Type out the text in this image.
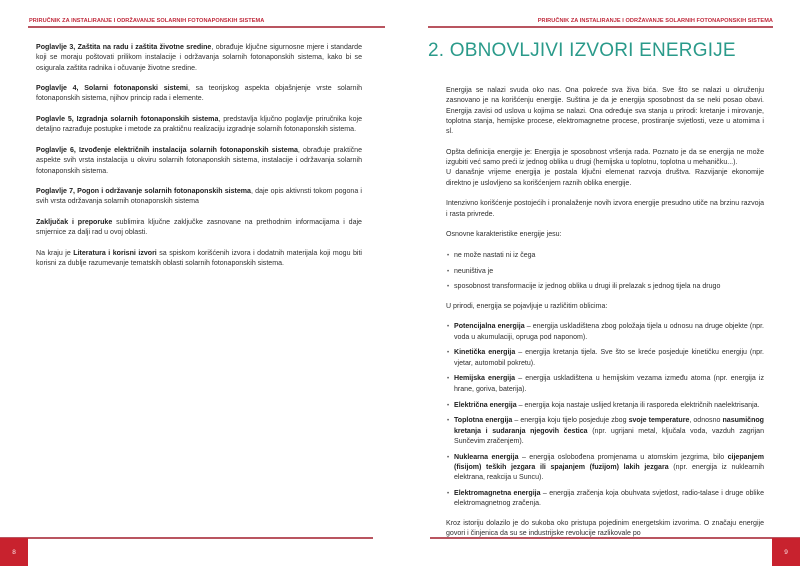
PRIRUČNIK ZA INSTALIRANJE I ODRŽAVANJE SOLARNIH FOTONAPONSKIH SISTEMA

Poglavlje 3, Zaštita na radu i zaštita životne sredine, obrađuje ključne sigurnosne mjere i standarde koji se moraju poštovati prilikom instalacije i održavanja solarnih fotonaponskih sistema, kako bi se osigurala zaštita radnika i očuvanje životne sredine.

Poglavlje 4, Solarni fotonaponski sistemi, sa teorijskog aspekta objašnjenje vrste solarnih fotonaponskih sistema, njihov princip rada i elemente.

Poglavle 5, Izgradnja solarnih fotonaponskih sistema, predstavlja ključno poglavlje priručnika koje detaljno razrađuje postupke i metode za praktičnu realizaciju izgradnje solarnih fotonaponskih sistema.

Poglavlje 6, Izvođenje električnih instalacija solarnih fotonaponskih sistema, obrađuje praktične aspekte svih vrsta instalacija u okviru solarnih fotonaponskih sistema, instalacije i održavanja solarnih fotonaponskih sistema.

Poglavlje 7, Pogon i održavanje solarnih fotonaponskih sistema, daje opis aktivnsti tokom pogona i svih vrsta održavanja solarnih otonaponskih sistema

Zaključak i preporuke sublimira ključne zaključke zasnovane na prethodnim informacijama i daje smjernice za dalji rad u ovoj oblasti.

Na kraju je Literatura i korisni izvori sa spiskom korišćenih izvora i dodatnih materijala koji mogu biti korisni za dublje razumevanje tematskih oblasti solarnih fotonaponskih sistema.

8
PRIRUČNIK ZA INSTALIRANJE I ODRŽAVANJE SOLARNIH FOTONAPONSKIH SISTEMA
2. OBNOVLJIVI IZVORI ENERGIJE

Energija se nalazi svuda oko nas. Ona pokreće sva živa bića. Sve što se nalazi u okruženju zasnovano je na korišćenju energije. Suština je da je energija sposobnost da se neki posao obavi. Energija zavisi od uslova u kojima se nalazi. Ona određuje sva stanja u prirodi: kretanje i mirovanje, toplotna stanja, hemijske procese, elektromagnetne procese, prostiranje svjetlosti, veze u atomima i sl.

Opšta definicija energije je: Energija je sposobnost vršenja rada. Poznato je da se energija ne može izgubiti već samo preći iz jednog oblika u drugi (hemijska u toplotnu, toplotna u mehaničku...).

U današnje vrijeme energija je postala ključni elemenat razvoja društva. Razvijanje ekonomije direktno je uslovljeno sa korišćenjem raznih oblika energije.

Intenzivno korišćenje postojećih i pronalaženje novih izvora energije presudno utiče na brzinu razvoja i rasta privrede.

Osnovne karakteristike energije jesu:

• ne može nastati ni iz čega
• neuništiva je
• sposobnost transformacije iz jednog oblika u drugi ili prelazak s jednog tijela na drugo

U prirodi, energija se pojavljuje u različitim oblicima:

• Potencijalna energija – energija uskladištena zbog položaja tijela u odnosu na druge objekte (npr. voda u akumulaciji, opruga pod naponom).
• Kinetička energija – energija kretanja tijela. Sve što se kreće posjeduje kinetičku energiju (npr. vjetar, automobil pokretu).
• Hemijska energija – energija uskladištena u hemijskim vezama između atoma (npr. energija iz hrane, goriva, baterija).
• Električna energija – energija koja nastaje uslijed kretanja ili rasporeda električnih naelektrisanja.
• Toplotna energija – energija koju tijelo posjeduje zbog svoje temperature, odnosno nasumičnog kretanja i sudaranja njegovih čestica (npr. ugrijani metal, ključala voda, vazduh zagrijan Sunčevim zračenjem).
• Nuklearna energija – energija oslobođena promjenama u atomskim jezgrima, bilo cijepanjem (fisijom) teških jezgara ili spajanjem (fuzijom) lakih jezgara (npr. energija iz nuklearnih elektrana, reakcija u Suncu).
• Elektromagnetna energija – energija zračenja koja obuhvata svjetlost, radio-talase i druge oblike elektromagnetnog zračenja.

Kroz istoriju dolazilo je do sukoba oko pristupa pojedinim energetskim izvorima. O značaju energije govori i činjenica da su se industrijske revolucije razlikovale po

9
